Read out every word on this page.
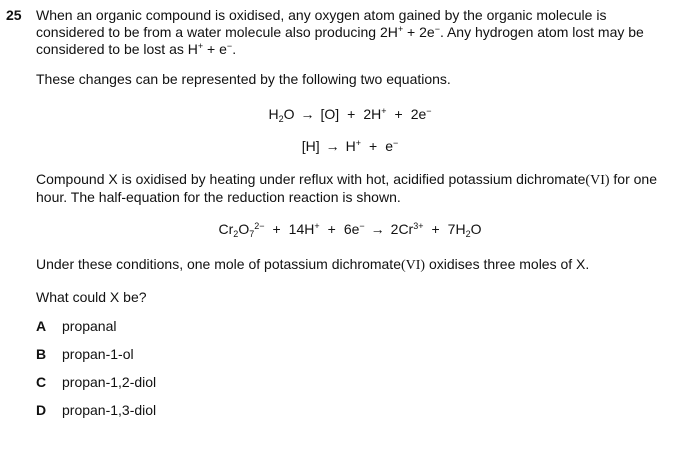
25 When an organic compound is oxidised, any oxygen atom gained by the organic molecule is considered to be from a water molecule also producing 2H+ + 2e−. Any hydrogen atom lost may be considered to be lost as H+ + e−.
These changes can be represented by the following two equations.
$H_2O \to [O] + 2H^+ + 2e^-$
[H] → H+ + e−
Compound X is oxidised by heating under reflux with hot, acidified potassium dichromate(VI) for one hour. The half-equation for the reduction reaction is shown.
$Cr_2O_7^{2-} + 14H^+ + 6e^- \to 2Cr^{3+} + 7H_2O$
Under these conditions, one mole of potassium dichromate(VI) oxidises three moles of X.
What could X be?
A propanal
B propan-1-ol
C propan-1,2-diol
D propan-1,3-diol
